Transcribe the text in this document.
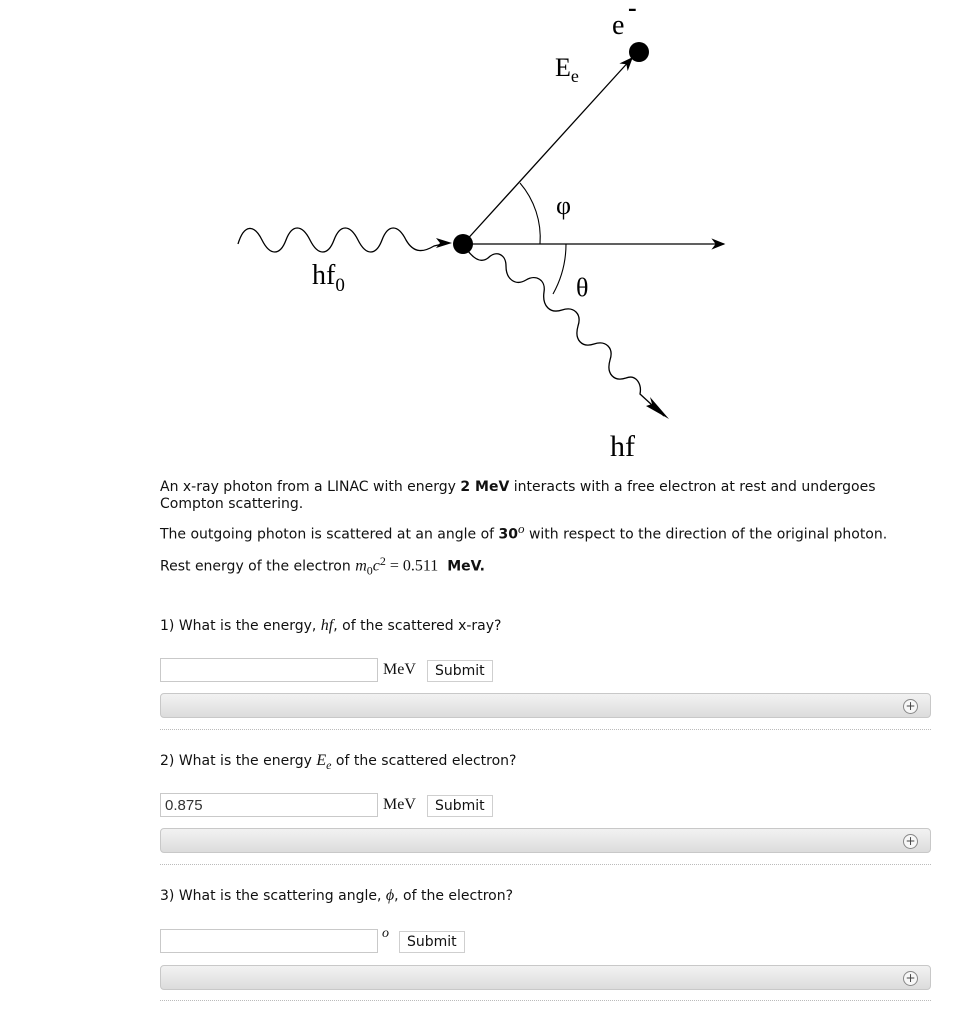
e
-
$E_e$
φ
θ
$hf_0$
hf
An x-ray photon from a LINAC with energy 2 MeV interacts with a free electron at rest and undergoes Compton scattering.
The outgoing photon is scattered at an angle of 30$^o$ with respect to the direction of the original photon.
Rest energy of the electron $m_0c^2 = 0.511$ MeV.
1) What is the energy, hf, of the scattered x-ray?
MeV	Submit
+
2) What is the energy $E_e$ of the scattered electron?
0.875
MeV	Submit
+
3) What is the scattering angle, ϕ, of the electron?
o
Submit
+
